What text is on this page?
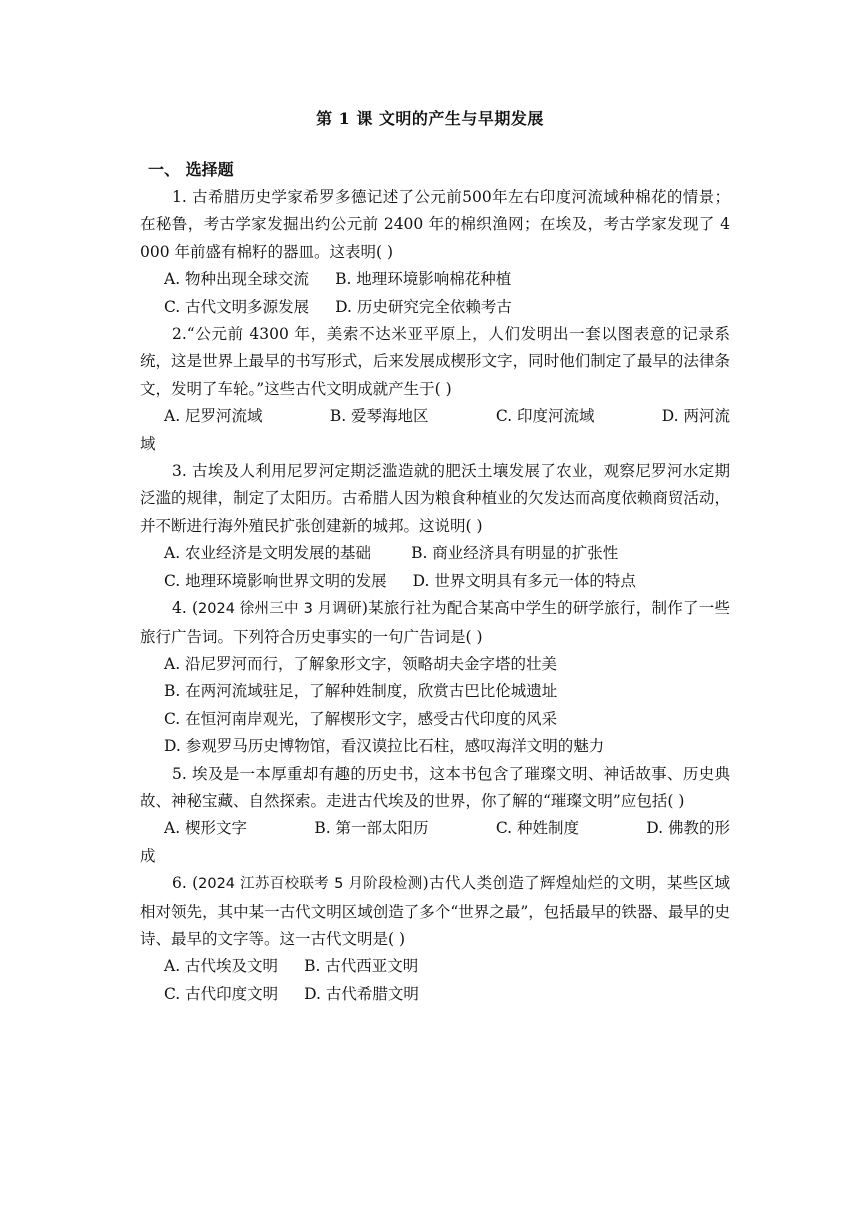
第 1 课 文明的产生与早期发展
一、 选择题

1. 古希腊历史学家希罗多德记述了公元前500年左右印度河流域种棉花的情景；在秘鲁，考古学家发掘出约公元前 2400 年的棉织渔网；在埃及，考古学家发现了 4 000 年前盛有棉籽的器皿。这表明( )

A. 物种出现全球交流 B. 地理环境影响棉花种植

C. 古代文明多源发展 D. 历史研究完全依赖考古

2.“公元前 4300 年，美索不达米亚平原上，人们发明出一套以图表意的记录系统，这是世界上最早的书写形式，后来发展成楔形文字，同时他们制定了最早的法律条文，发明了车轮。”这些古代文明成就产生于( )

A. 尼罗河流域	B. 爱琴海地区	C. 印度河流域	D. 两河流
域

3. 古埃及人利用尼罗河定期泛滥造就的肥沃土壤发展了农业，观察尼罗河水定期泛滥的规律，制定了太阳历。古希腊人因为粮食种植业的欠发达而高度依赖商贸活动，并不断进行海外殖民扩张创建新的城邦。这说明( )

A. 农业经济是文明发展的基础	B. 商业经济具有明显的扩张性

C. 地理环境影响世界文明的发展 D. 世界文明具有多元一体的特点

4. (2024 徐州三中 3 月调研)某旅行社为配合某高中学生的研学旅行，制作了一些旅行广告词。下列符合历史事实的一句广告词是( )

A. 沿尼罗河而行，了解象形文字，领略胡夫金字塔的壮美

B. 在两河流域驻足，了解种姓制度，欣赏古巴比伦城遗址

C. 在恒河南岸观光，了解楔形文字，感受古代印度的风采

D. 参观罗马历史博物馆，看汉谟拉比石柱，感叹海洋文明的魅力

5. 埃及是一本厚重却有趣的历史书，这本书包含了璀璨文明、神话故事、历史典故、神秘宝藏、自然探索。走进古代埃及的世界，你了解的“璀璨文明”应包括( )

A. 楔形文字	B. 第一部太阳历	C. 种姓制度	D. 佛教的形
成

6. (2024 江苏百校联考 5 月阶段检测)古代人类创造了辉煌灿烂的文明，某些区域相对领先，其中某一古代文明区域创造了多个“世界之最”，包括最早的铁器、最早的史诗、最早的文字等。这一古代文明是( )

A. 古代埃及文明 B. 古代西亚文明

C. 古代印度文明 D. 古代希腊文明
